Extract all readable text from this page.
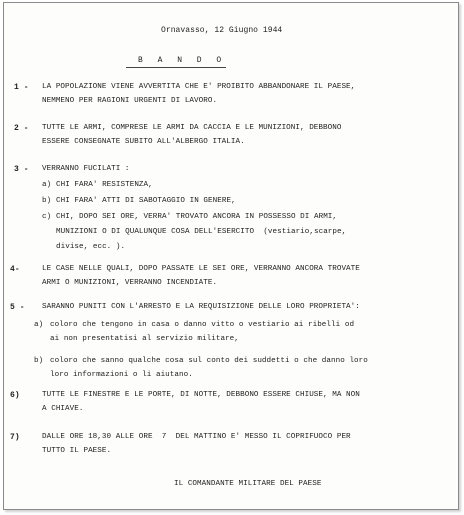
Ornavasso, 12 Giugno 1944
B A N D O
1 - LA POPOLAZIONE VIENE AVVERTITA CHE E' PROIBITO ABBANDONARE IL PAESE,
NEMMENO PER RAGIONI URGENTI DI LAVORO.
2 - TUTTE LE ARMI, COMPRESE LE ARMI DA CACCIA E LE MUNIZIONI, DEBBONO
ESSERE CONSEGNATE SUBITO ALL'ALBERGO ITALIA.
3 - VERRANNO FUCILATI :
a) CHI FARA' RESISTENZA,
b) CHI FARA' ATTI DI SABOTAGGIO IN GENERE,
c) CHI, DOPO SEI ORE, VERRA' TROVATO ANCORA IN POSSESSO DI ARMI,
MUNIZIONI O DI QUALUNQUE COSA DELL'ESERCITO  (vestiario,scarpe,
divise, ecc. ).
4-	LE CASE NELLE QUALI, DOPO PASSATE LE SEI ORE, VERRANNO ANCORA TROVATE
ARMI O MUNIZIONI, VERRANNO INCENDIATE.
5 - SARANNO PUNITI CON L'ARRESTO E LA REQUISIZIONE DELLE LORO PROPRIETA':
a) coloro che tengono in casa o danno vitto o vestiario ai ribelli od
ai non presentatisi al servizio militare,
b) coloro che sanno qualche cosa sul conto dei suddetti o che danno loro
loro informazioni o li aiutano.
6)	TUTTE LE FINESTRE E LE PORTE, DI NOTTE, DEBBONO ESSERE CHIUSE, MA NON
A CHIAVE.
7)	DALLE ORE 18,30 ALLE ORE  7  DEL MATTINO E' MESSO IL COPRIFUOCO PER
TUTTO IL PAESE.
IL COMANDANTE MILITARE DEL PAESE
